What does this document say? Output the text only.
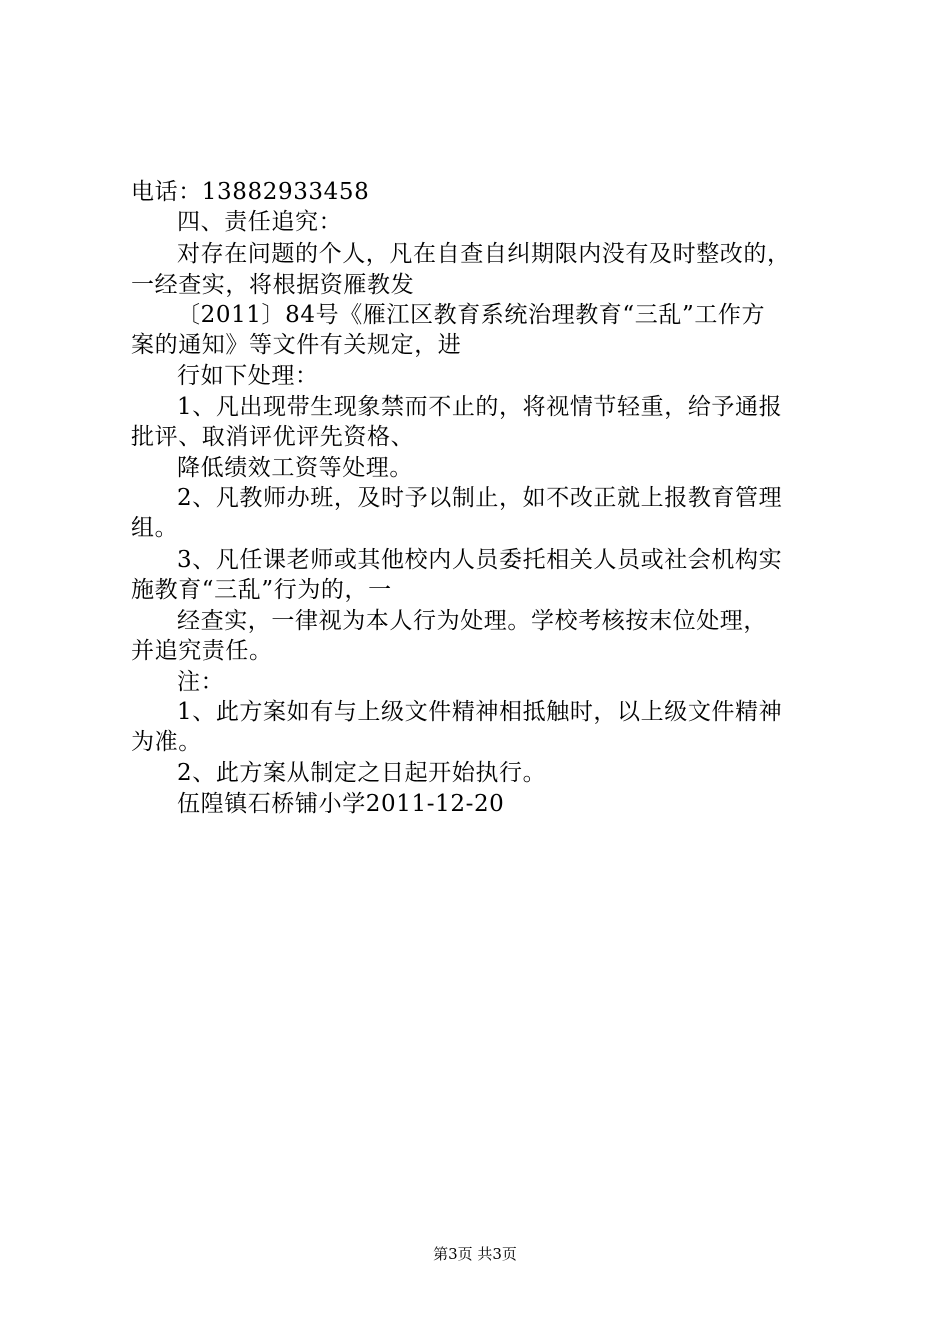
电话：13882933458
四、责任追究：
对存在问题的个人，凡在自查自纠期限内没有及时整改的，
一经查实，将根据资雁教发
〔2011〕84号《雁江区教育系统治理教育“三乱”工作方
案的通知》等文件有关规定，进
行如下处理：
1、凡出现带生现象禁而不止的，将视情节轻重，给予通报
批评、取消评优评先资格、
降低绩效工资等处理。
2、凡教师办班，及时予以制止，如不改正就上报教育管理
组。
3、凡任课老师或其他校内人员委托相关人员或社会机构实
施教育“三乱”行为的，一
经查实，一律视为本人行为处理。学校考核按末位处理，
并追究责任。
注：
1、此方案如有与上级文件精神相抵触时，以上级文件精神
为准。
2、此方案从制定之日起开始执行。
伍隍镇石桥铺小学2011-12-20
第3页 共3页
